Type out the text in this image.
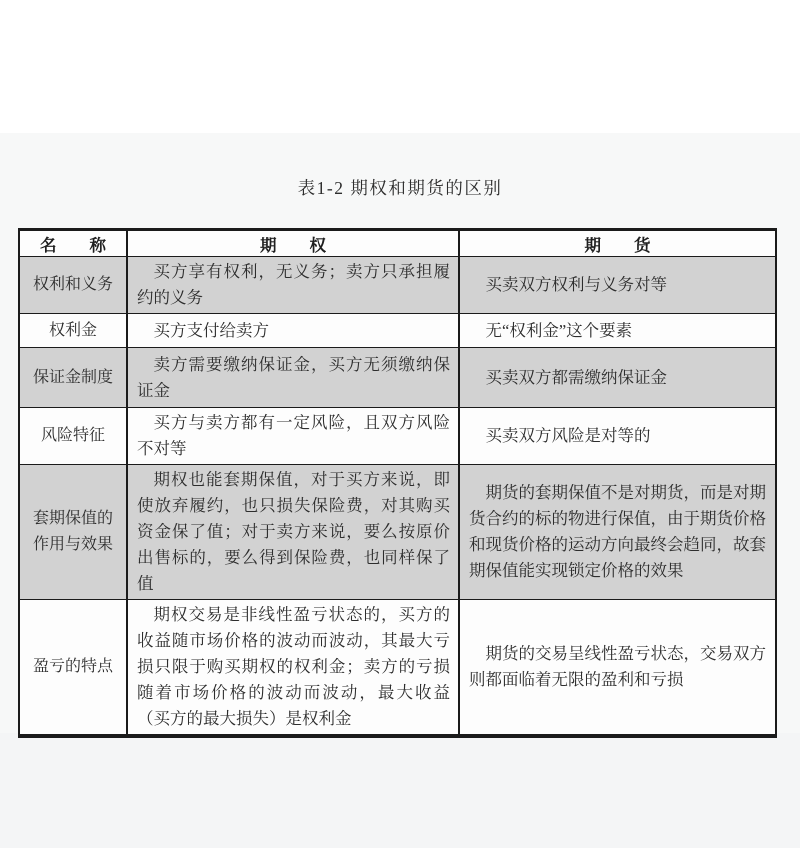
表1-2 期权和期货的区别
名　　称	期　　权	期　　货
权利和义务	买方享有权利，无义务；卖方只承担履约的义务	买卖双方权利与义务对等
权利金	买方支付给卖方	无“权利金”这个要素
保证金制度	卖方需要缴纳保证金，买方无须缴纳保证金	买卖双方都需缴纳保证金
风险特征	买方与卖方都有一定风险，且双方风险不对等	买卖双方风险是对等的
套期保值的作用与效果	期权也能套期保值，对于买方来说，即使放弃履约，也只损失保险费，对其购买资金保了值；对于卖方来说，要么按原价出售标的，要么得到保险费，也同样保了值	期货的套期保值不是对期货，而是对期货合约的标的物进行保值，由于期货价格和现货价格的运动方向最终会趋同，故套期保值能实现锁定价格的效果
盈亏的特点	期权交易是非线性盈亏状态的，买方的收益随市场价格的波动而波动，其最大亏损只限于购买期权的权利金；卖方的亏损随着市场价格的波动而波动，最大收益（买方的最大损失）是权利金	期货的交易呈线性盈亏状态，交易双方则都面临着无限的盈利和亏损
